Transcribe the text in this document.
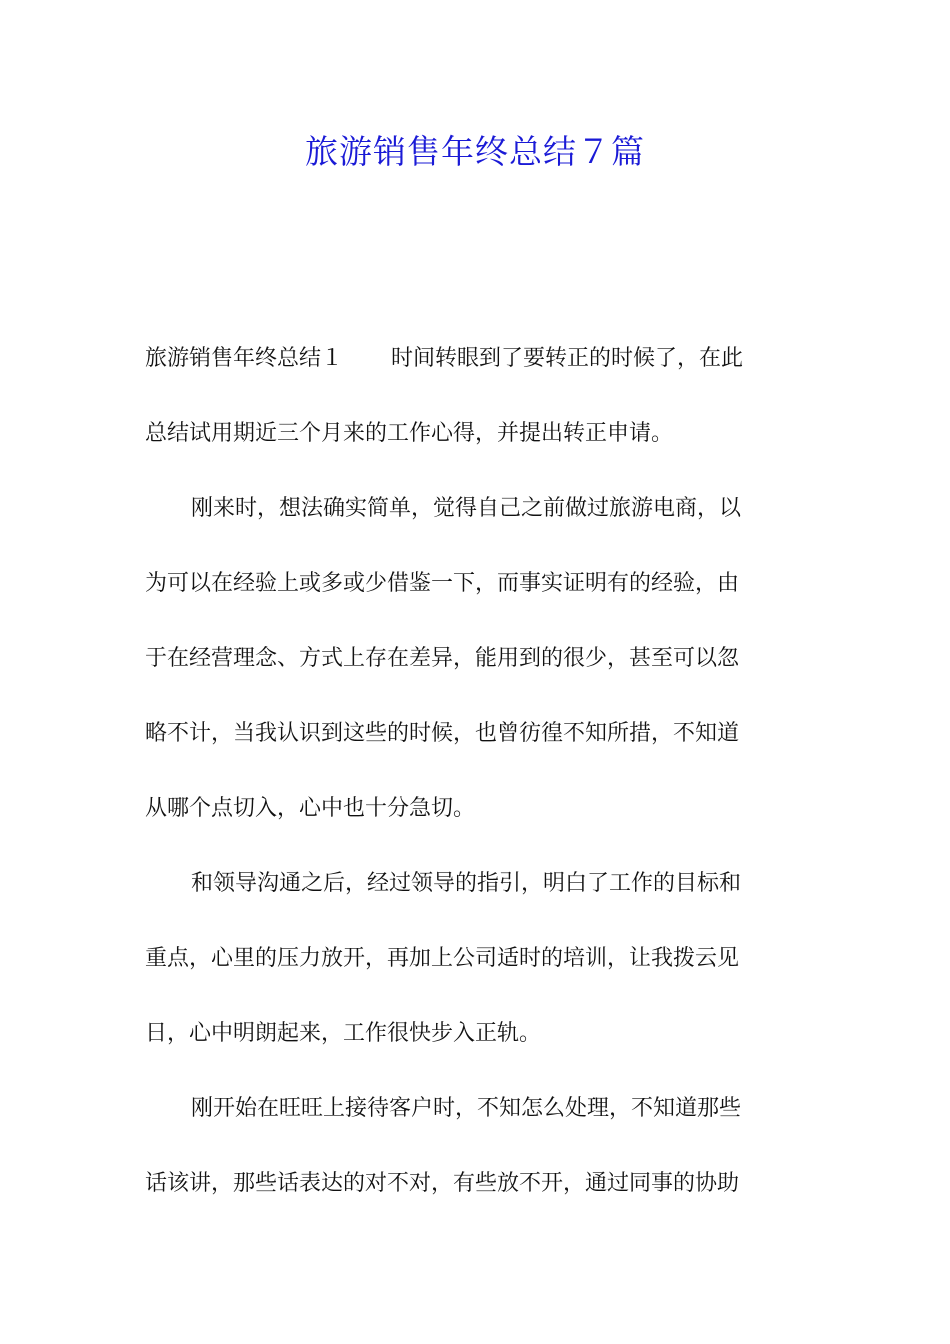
旅游销售年终总结７篇
旅游销售年终总结１ 时间转眼到了要转正的时候了，在此
总结试用期近三个月来的工作心得，并提出转正申请。
刚来时，想法确实简单，觉得自己之前做过旅游电商，以
为可以在经验上或多或少借鉴一下，而事实证明有的经验，由
于在经营理念、方式上存在差异，能用到的很少，甚至可以忽
略不计，当我认识到这些的时候，也曾彷徨不知所措，不知道
从哪个点切入，心中也十分急切。
和领导沟通之后，经过领导的指引，明白了工作的目标和
重点，心里的压力放开，再加上公司适时的培训，让我拨云见
日，心中明朗起来，工作很快步入正轨。
刚开始在旺旺上接待客户时，不知怎么处理，不知道那些
话该讲，那些话表达的对不对，有些放不开，通过同事的协助
